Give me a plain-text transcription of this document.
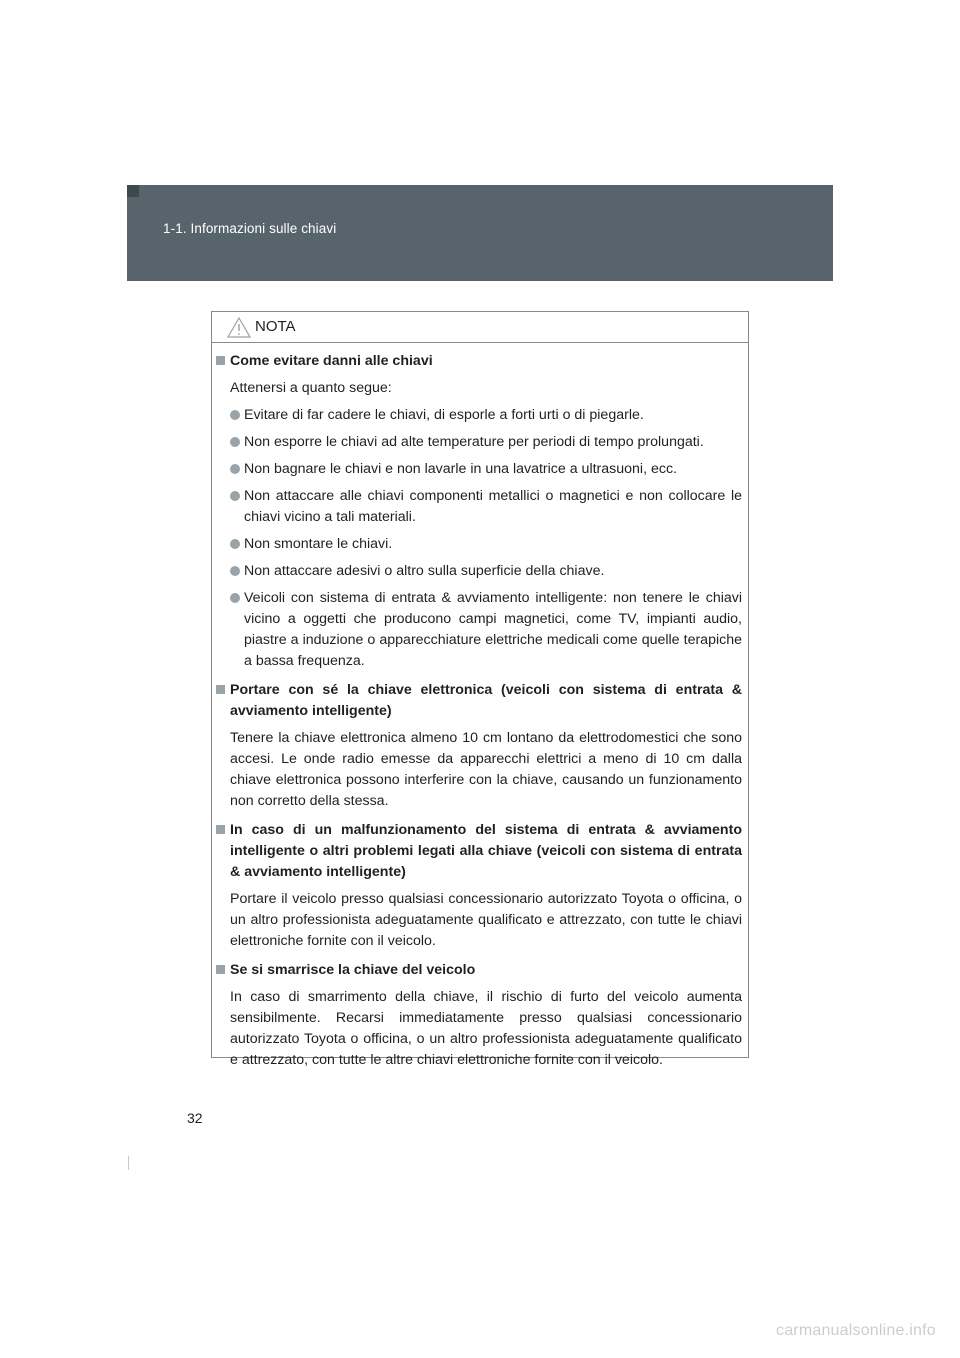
1-1. Informazioni sulle chiavi
NOTA
Come evitare danni alle chiavi
Attenersi a quanto segue:
Evitare di far cadere le chiavi, di esporle a forti urti o di piegarle.
Non esporre le chiavi ad alte temperature per periodi di tempo prolungati.
Non bagnare le chiavi e non lavarle in una lavatrice a ultrasuoni, ecc.
Non attaccare alle chiavi componenti metallici o magnetici e non collocare le chiavi vicino a tali materiali.
Non smontare le chiavi.
Non attaccare adesivi o altro sulla superficie della chiave.
Veicoli con sistema di entrata & avviamento intelligente: non tenere le chiavi vicino a oggetti che producono campi magnetici, come TV, impianti audio, piastre a induzione o apparecchiature elettriche medicali come quelle terapiche a bassa frequenza.
Portare con sé la chiave elettronica (veicoli con sistema di entrata & avviamento intelligente)
Tenere la chiave elettronica almeno 10 cm lontano da elettrodomestici che sono accesi. Le onde radio emesse da apparecchi elettrici a meno di 10 cm dalla chiave elettronica possono interferire con la chiave, causando un funzionamento non corretto della stessa.
In caso di un malfunzionamento del sistema di entrata & avviamento intelligente o altri problemi legati alla chiave (veicoli con sistema di entrata & avviamento intelligente)
Portare il veicolo presso qualsiasi concessionario autorizzato Toyota o officina, o un altro professionista adeguatamente qualificato e attrezzato, con tutte le chiavi elettroniche fornite con il veicolo.
Se si smarrisce la chiave del veicolo
In caso di smarrimento della chiave, il rischio di furto del veicolo aumenta sensibilmente. Recarsi immediatamente presso qualsiasi concessionario autorizzato Toyota o officina, o un altro professionista adeguatamente qualificato e attrezzato, con tutte le altre chiavi elettroniche fornite con il veicolo.
32
carmanualsonline.info
